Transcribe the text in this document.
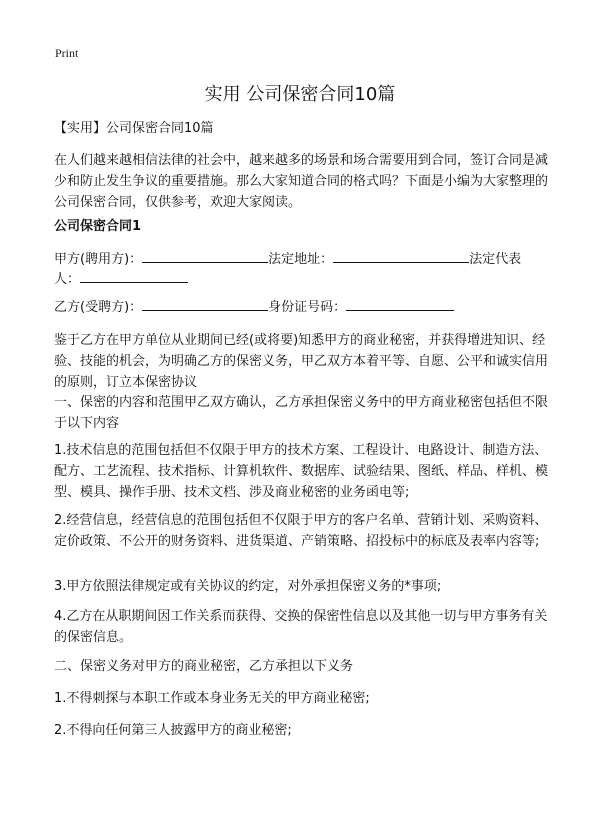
Print
实用 公司保密合同10篇
【实用】公司保密合同10篇
在人们越来越相信法律的社会中，越来越多的场景和场合需要用到合同，签订合同是减少和防止发生争议的重要措施。那么大家知道合同的格式吗？下面是小编为大家整理的公司保密合同，仅供参考，欢迎大家阅读。
公司保密合同1
甲方(聘用方)：	法定地址：	法定代表
人：
乙方(受聘方)：	身份证号码：
鉴于乙方在甲方单位从业期间已经(或将要)知悉甲方的商业秘密，并获得增进知识、经验、技能的机会，为明确乙方的保密义务，甲乙双方本着平等、自愿、公平和诚实信用的原则，订立本保密协议
一、保密的内容和范围甲乙双方确认，乙方承担保密义务中的甲方商业秘密包括但不限于以下内容
1.技术信息的范围包括但不仅限于甲方的技术方案、工程设计、电路设计、制造方法、配方、工艺流程、技术指标、计算机软件、数据库、试验结果、图纸、样品、样机、模型、模具、操作手册、技术文档、涉及商业秘密的业务函电等;
2.经营信息，经营信息的范围包括但不仅限于甲方的客户名单、营销计划、采购资料、定价政策、不公开的财务资料、进货渠道、产销策略、招投标中的标底及表率内容等;
3.甲方依照法律规定或有关协议的约定，对外承担保密义务的*事项;
4.乙方在从职期间因工作关系而获得、交换的保密性信息以及其他一切与甲方事务有关的保密信息。
二、保密义务对甲方的商业秘密，乙方承担以下义务
1.不得刺探与本职工作或本身业务无关的甲方商业秘密;
2.不得向任何第三人披露甲方的商业秘密;
